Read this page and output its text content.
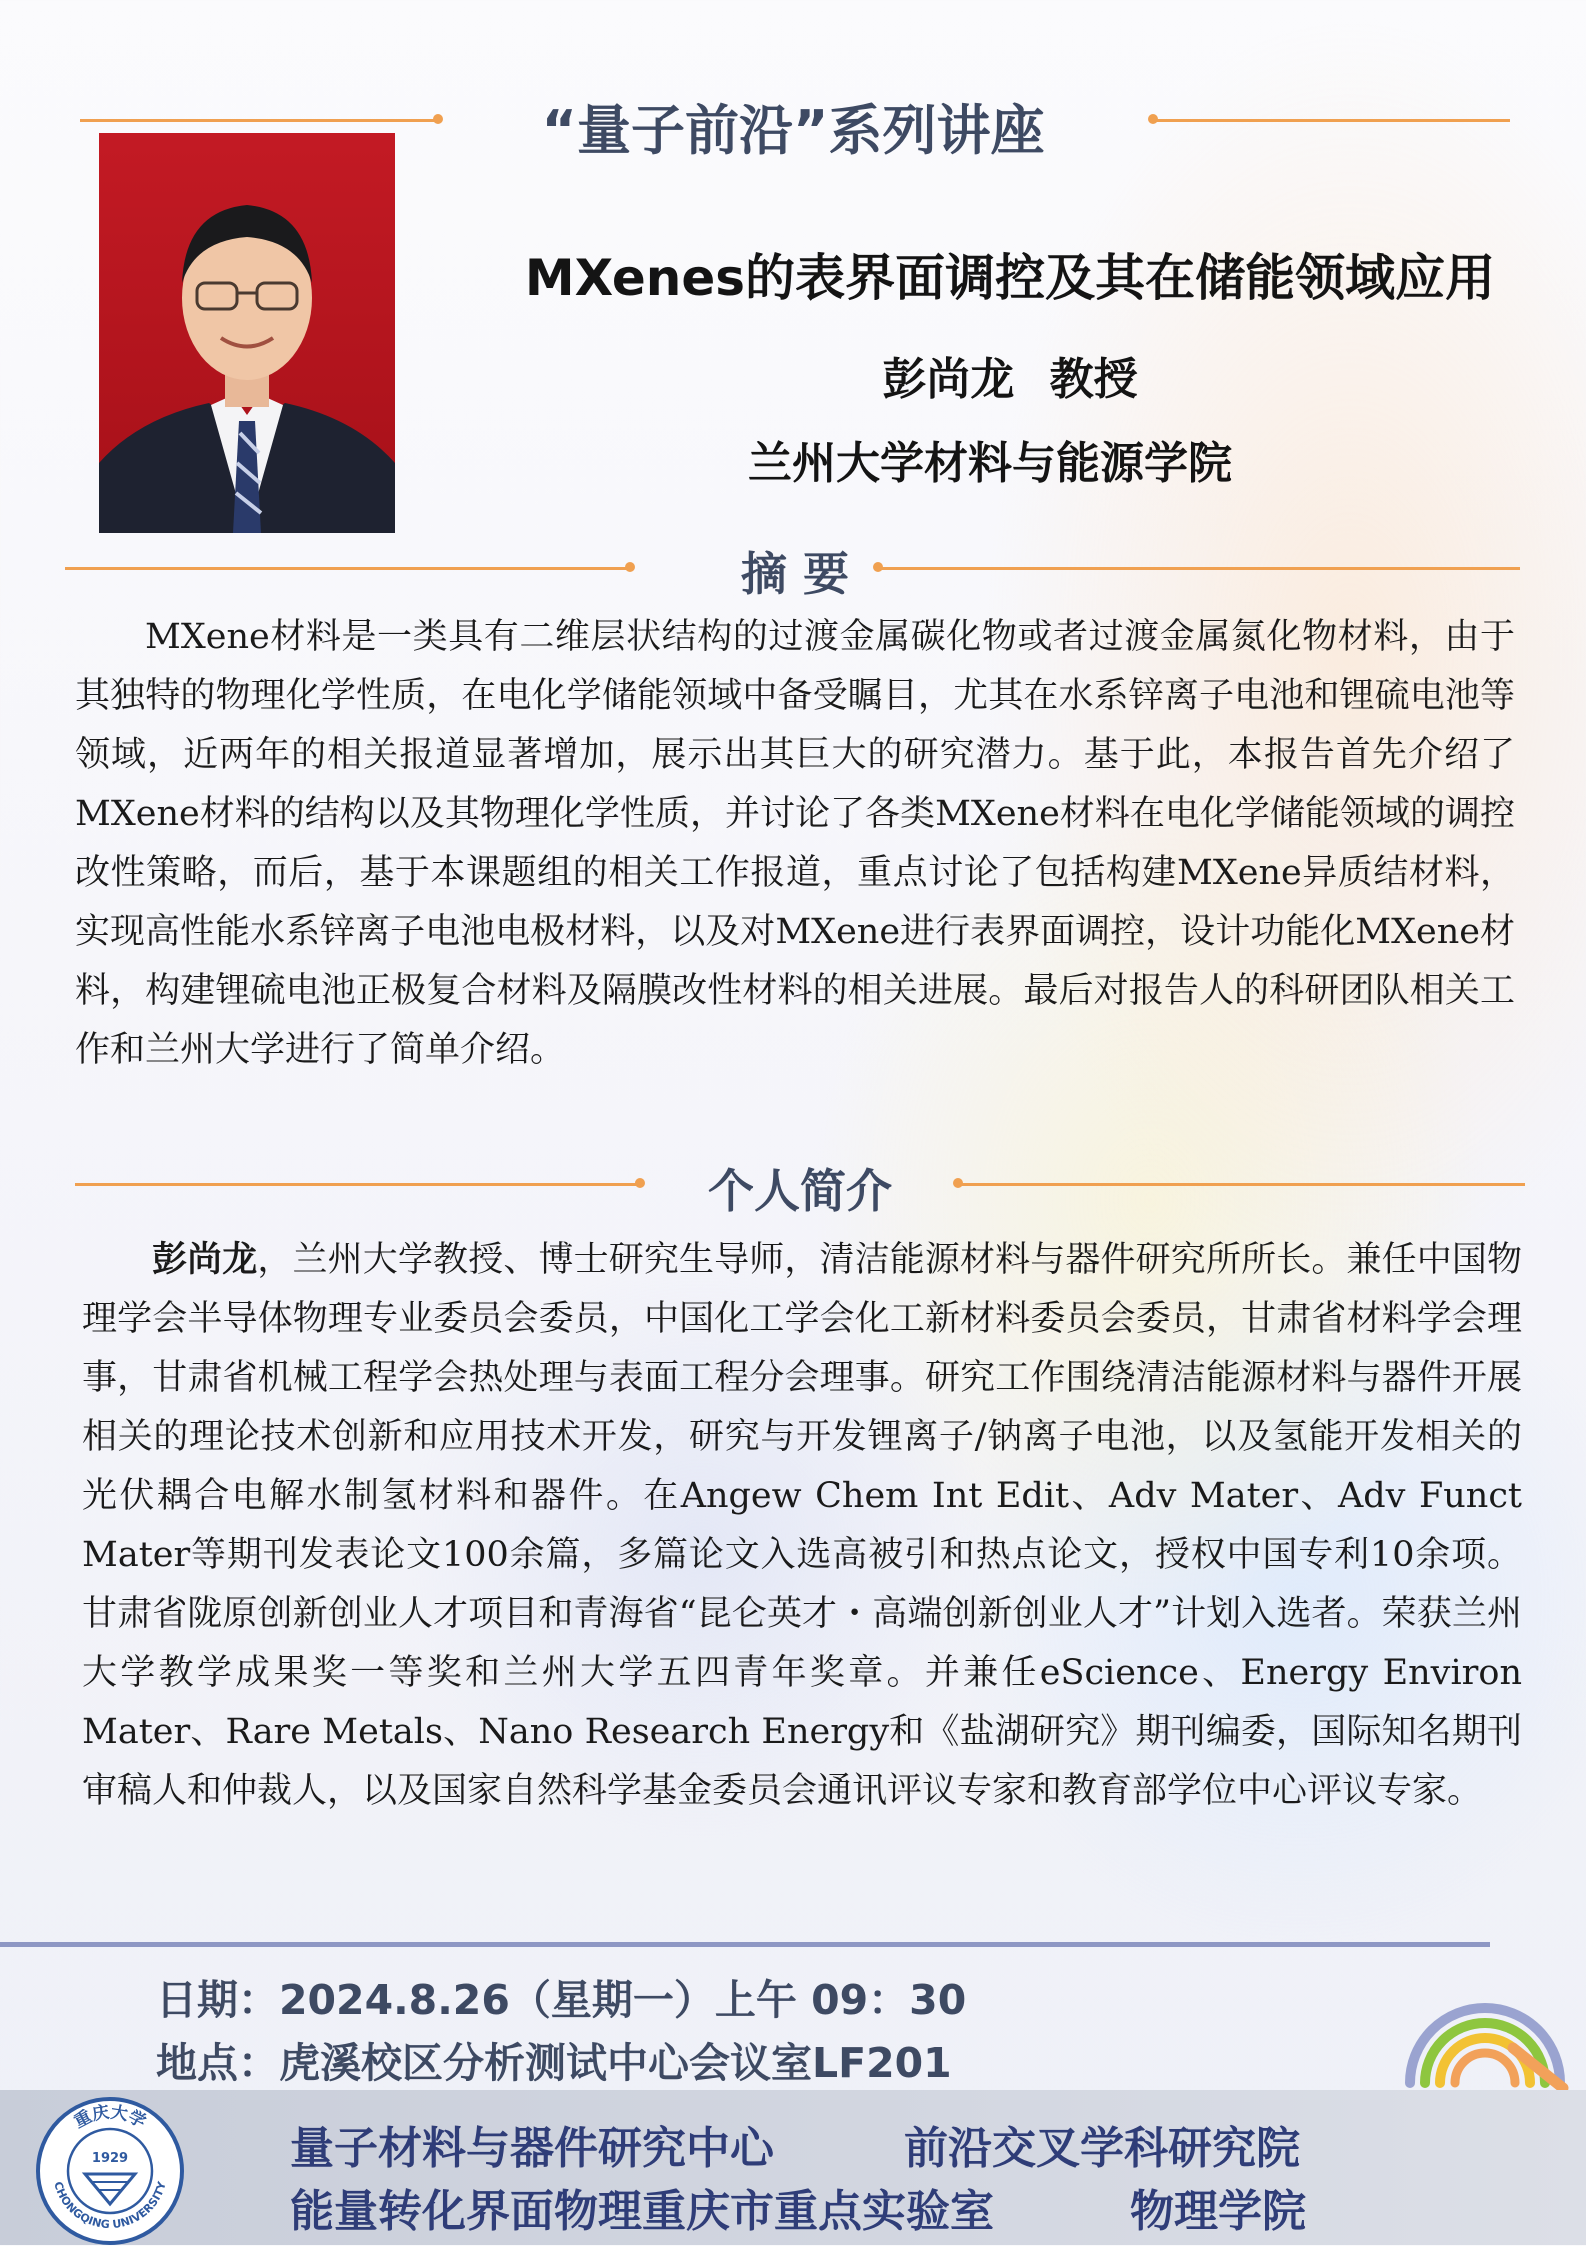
“量子前沿”系列讲座
MXenes的表界面调控及其在储能领域应用
彭尚龙 教授
兰州大学材料与能源学院
摘 要

MXene材料是一类具有二维层状结构的过渡金属碳化物或者过渡金属氮化物材料，由于其独特的物理化学性质，在电化学储能领域中备受瞩目，尤其在水系锌离子电池和锂硫电池等领域，近两年的相关报道显著增加，展示出其巨大的研究潜力。基于此，本报告首先介绍了MXene材料的结构以及其物理化学性质，并讨论了各类MXene材料在电化学储能领域的调控改性策略，而后，基于本课题组的相关工作报道，重点讨论了包括构建MXene异质结材料，实现高性能水系锌离子电池电极材料，以及对MXene进行表界面调控，设计功能化MXene材料，构建锂硫电池正极复合材料及隔膜改性材料的相关进展。最后对报告人的科研团队相关工作和兰州大学进行了简单介绍。

个人简介

彭尚龙，兰州大学教授、博士研究生导师，清洁能源材料与器件研究所所长。兼任中国物理学会半导体物理专业委员会委员，中国化工学会化工新材料委员会委员，甘肃省材料学会理事，甘肃省机械工程学会热处理与表面工程分会理事。研究工作围绕清洁能源材料与器件开展相关的理论技术创新和应用技术开发，研究与开发锂离子/钠离子电池，以及氢能开发相关的光伏耦合电解水制氢材料和器件。在Angew Chem Int Edit、Adv Mater、Adv Funct Mater等期刊发表论文100余篇，多篇论文入选高被引和热点论文，授权中国专利10余项。甘肃省陇原创新创业人才项目和青海省“昆仑英才・高端创新创业人才”计划入选者。荣获兰州大学教学成果奖一等奖和兰州大学五四青年奖章。并兼任eScience、Energy Environ Mater、Rare Metals、Nano Research Energy和《盐湖研究》期刊编委，国际知名期刊审稿人和仲裁人，以及国家自然科学基金委员会通讯评议专家和教育部学位中心评议专家。

日期：2024.8.26（星期一）上午 09：30
地点：虎溪校区分析测试中心会议室LF201
重庆大学
CHONGQING UNIVERSITY
1929	量子材料与器件研究中心	前沿交叉学科研究院
能量转化界面物理重庆市重点实验室	物理学院
